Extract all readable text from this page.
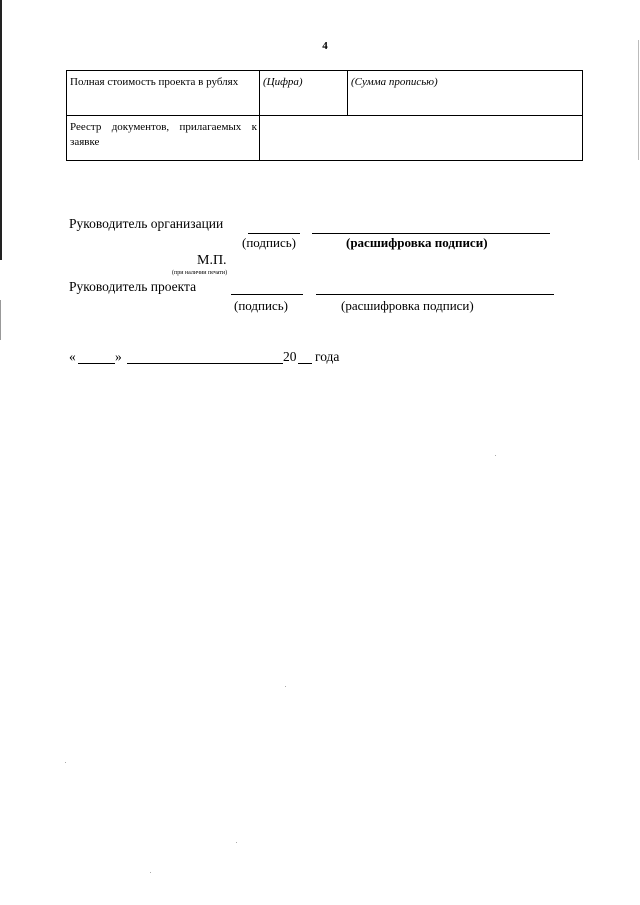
4
Полная стоимость проекта в рублях	(Цифра)	(Сумма прописью)

Реестр документов, прилагаемых к заявке		

Руководитель организации
(подпись)	(расшифровка подписи)
М.П.
(при наличии печати)
Руководитель проекта
(подпись)	(расшифровка подписи)
«	»	20 года
